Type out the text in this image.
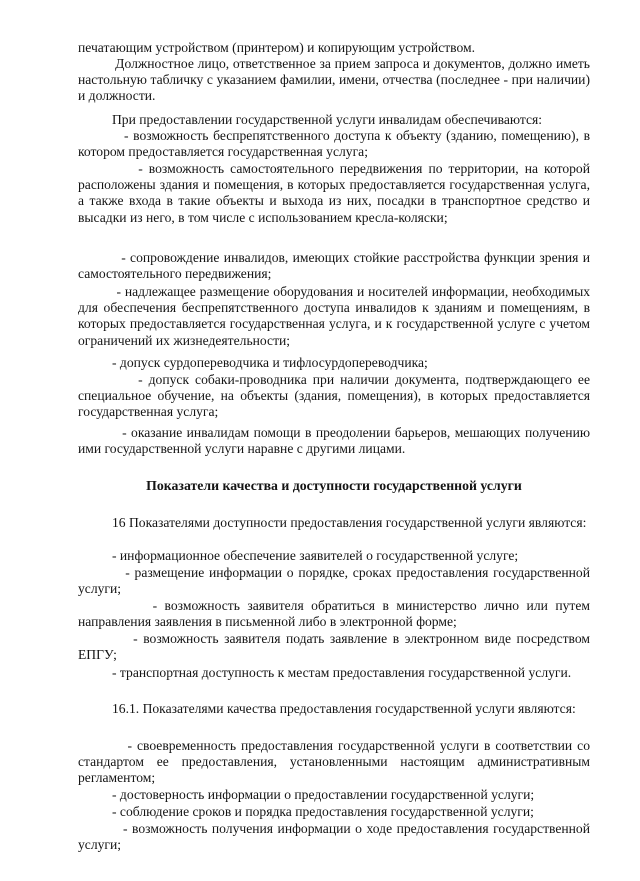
печатающим устройством (принтером) и копирующим устройством.

Должностное лицо, ответственное за прием запроса и документов, должно иметь настольную табличку с указанием фамилии, имени, отчества (последнее - при наличии) и должности.

При предоставлении государственной услуги инвалидам обеспечиваются:

- возможность беспрепятственного доступа к объекту (зданию, помещению), в котором предоставляется государственная услуга;

- возможность самостоятельного передвижения по территории, на которой расположены здания и помещения, в которых предоставляется государственная услуга, а также входа в такие объекты и выхода из них, посадки в транспортное средство и высадки из него, в том числе с использованием кресла-коляски;

- сопровождение инвалидов, имеющих стойкие расстройства функции зрения и самостоятельного передвижения;

- надлежащее размещение оборудования и носителей информации, необходимых для обеспечения беспрепятственного доступа инвалидов к зданиям и помещениям, в которых предоставляется государственная услуга, и к государственной услуге с учетом ограничений их жизнедеятельности;

- допуск сурдопереводчика и тифлосурдопереводчика;

- допуск собаки-проводника при наличии документа, подтверждающего ее специальное обучение, на объекты (здания, помещения), в которых предоставляется государственная услуга;

- оказание инвалидам помощи в преодолении барьеров, мешающих получению ими государственной услуги наравне с другими лицами.

Показатели качества и доступности государственной услуги

16 Показателями доступности предоставления государственной услуги являются:

- информационное обеспечение заявителей о государственной услуге;

- размещение информации о порядке, сроках предоставления государственной услуги;

- возможность заявителя обратиться в министерство лично или путем направления заявления в письменной либо в электронной форме;

- возможность заявителя подать заявление в электронном виде посредством ЕПГУ;

- транспортная доступность к местам предоставления государственной услуги.

16.1. Показателями качества предоставления государственной услуги являются:

- своевременность предоставления государственной услуги в соответствии со стандартом ее предоставления, установленными настоящим административным регламентом;

- достоверность информации о предоставлении государственной услуги;

- соблюдение сроков и порядка предоставления государственной услуги;

- возможность получения информации о ходе предоставления государственной услуги;
